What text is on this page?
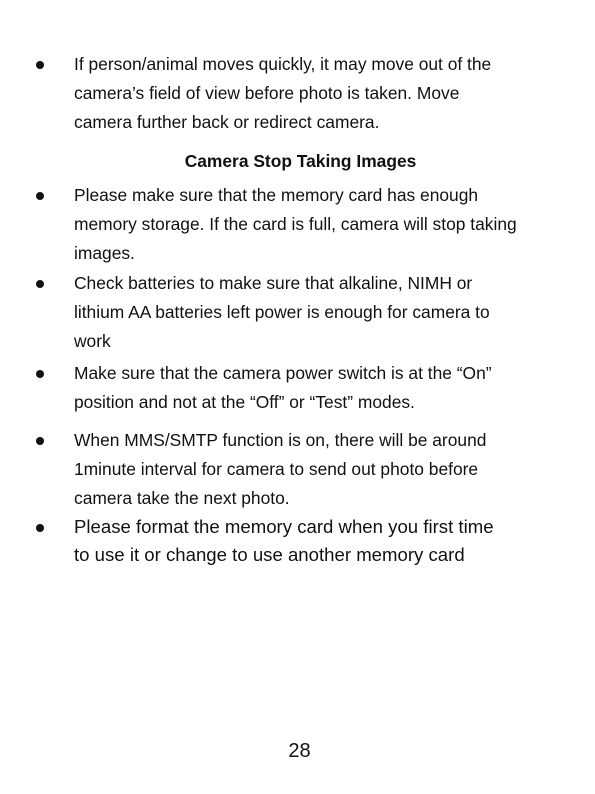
If person/animal moves quickly, it may move out of the
camera’s field of view before photo is taken. Move
camera further back or redirect camera.
Camera Stop Taking Images
Please make sure that the memory card has enough
memory storage. If the card is full, camera will stop taking
images.
Check batteries to make sure that alkaline, NIMH or
lithium AA batteries left power is enough for camera to
work
Make sure that the camera power switch is at the “On”
position and not at the “Off” or “Test” modes.
When MMS/SMTP function is on, there will be around
1minute interval for camera to send out photo before
camera take the next photo.
Please format the memory card when you first time
to use it or change to use another memory card
28
